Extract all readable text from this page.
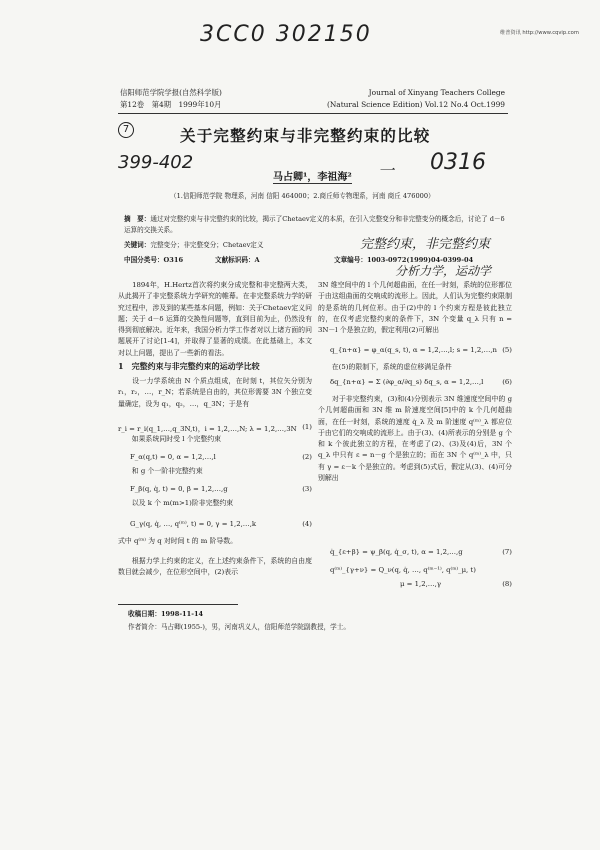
3CC0 302150	维普资讯 http://www.cqvip.com
信阳师范学院学报(自然科学版)
第12卷　第4期　1999年10月
Journal of Xinyang Teachers College
(Natural Science Edition) Vol.12 No.4 Oct.1999
7	关于完整约束与非完整约束的比较
399-402
马占卿¹，李祖海² 一 0316
（1.信阳师范学院 物理系，河南 信阳 464000；2.商丘师专物理系，河南 商丘 476000）
摘　要：通过对完整约束与非完整约束的比较，揭示了Chetaev定义的本质，在引入完整变分和非完整变分的概念后，讨论了 d－δ 运算的交换关系。
关键词：完整变分；非完整变分；Chetaev定义	完整约束，非完整约束
中国分类号：O316	文献标识码：A	文章编号：1003-0972(1999)04-0399-04
分析力学，运动学
　　1894年，H.Hertz首次将约束分成完整和非完整两大类，从此揭开了非完整系统力学研究的帷幕。在非完整系统力学的研究过程中，涉及到的某些基本问题，例如：关于Chetaev定义问题；关于 d－δ 运算的交换性问题等，直到目前为止，仍然没有得到彻底解决。近年来，我国分析力学工作者对以上诸方面的问题展开了讨论[1-4]，并取得了显著的成绩。在此基础上，本文对以上问题，提出了一些新的看法。
1　完整约束与非完整约束的运动学比较
　　设一力学系统由 N 个质点组成，在时刻 t，其位矢分别为 r₁，r₂，…，r_N；若系统是自由的，其位形需要 3N 个独立变量确定，设为 q₁，q₂，…，q_3N；于是有
r_i = r_i(q_1,…,q_3N,t)，i = 1,2,…,N; λ = 1,2,…,3N (1)
　　如果系统同时受 l 个完整约束
F_α(q,t) = 0, α = 1,2,…,l	(2)
　　和 g 个一阶非完整约束
F_β(q, q̇, t) = 0, β = 1,2,…,g	(3)
　　以及 k 个 m(m>1)阶非完整约束
G_γ(q, q̇, …, q⁽ᵐ⁾, t) = 0, γ = 1,2,…,k	(4)
式中 q⁽ᵐ⁾ 为 q 对时间 t 的 m 阶导数。
　　根据力学上约束的定义，在上述约束条件下，系统的自由度数目就会减少，在位形空间中，(2)表示
3N 维空间中的 l 个几何超曲面，在任一时刻，系统的位形都位于由这组曲面的交响成的流形上。因此，人们认为完整约束限制的是系统的几何位形。由于(2)中的 l 个约束方程是彼此独立的，在仅考虑完整约束的条件下，3N 个变量 q_λ 只有 n = 3N－l 个是独立的，假定利用(2)可解出
q_{n+α} = φ_α(q_s, t), α = 1,2,…,l; s = 1,2,…,n (5)
　　在(5)的限制下，系统的虚位移满足条件
δq_{n+α} = Σ (∂φ_α/∂q_s) δq_s, α = 1,2,…,l	(6)
　　对于非完整约束，(3)和(4)分别表示 3N 维速度空间中的 g 个几何超曲面和 3N 维 m 阶速度空间[5]中的 k 个几何超曲面，在任一时刻，系统的速度 q̇_λ 及 m 阶速度 q⁽ᵐ⁾_λ 都应位于由它们的交响成的流形上。由于(3)、(4)所表示的分别是 g 个和 k 个彼此独立的方程，在考虑了(2)、(3)及(4)后，3N 个 q_λ 中只有 ε = n－g 个是独立的；而在 3N 个 q⁽ᵐ⁾_λ 中，只有 γ = ε－k 个是独立的。考虑到(5)式后，假定从(3)、(4)可分别解出
q̇_{ε+β} = ψ_β(q, q̇_σ, t), α = 1,2,…,g	(7)
q⁽ᵐ⁾_{γ+ν} = Q_ν(q, q̇, …, q⁽ᵐ⁻¹⁾, q⁽ᵐ⁾_μ, t)
μ = 1,2,…,γ	(8)
收稿日期：1998-11-14
作者简介：马占卿(1955-)，男，河南巩义人，信阳师范学院副教授，学士。
